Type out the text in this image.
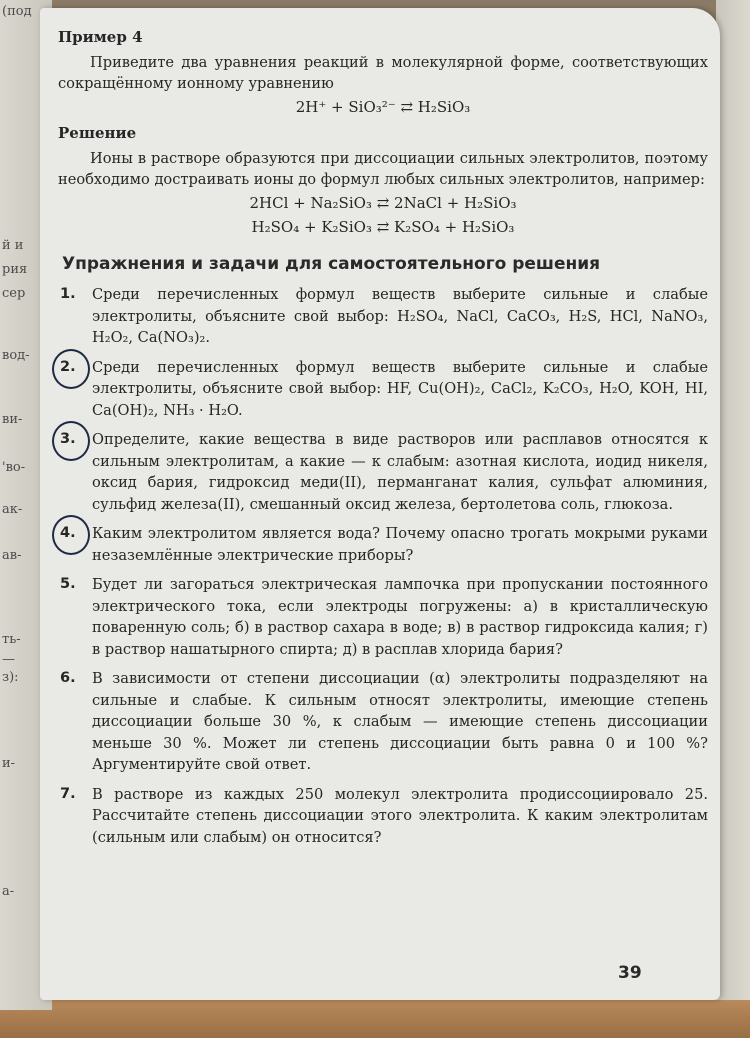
(под
й и
рия
сер
вод-
ви-
'во-
ак-
ав-
ть-
—
з):
и-
а-
Пример 4

Приведите два уравнения реакций в молекулярной форме, соответствующих сокращённому ионному уравнению

2H⁺ + SiO₃²⁻ ⇄ H₂SiO₃
Решение

Ионы в растворе образуются при диссоциации сильных электролитов, поэтому необходимо достраивать ионы до формул любых сильных электролитов, например:

2HCl + Na₂SiO₃ ⇄ 2NaCl + H₂SiO₃
H₂SO₄ + K₂SiO₃ ⇄ K₂SO₄ + H₂SiO₃
Упражнения и задачи для самостоятельного решения
1. Среди перечисленных формул веществ выберите сильные и слабые электролиты, объясните свой выбор: H₂SO₄, NaCl, CaCO₃, H₂S, HCl, NaNO₃, H₂O₂, Ca(NO₃)₂.
2. Среди перечисленных формул веществ выберите сильные и слабые электролиты, объясните свой выбор: HF, Cu(OH)₂, CaCl₂, K₂CO₃, H₂O, KOH, HI, Ca(OH)₂, NH₃ · H₂O.
3. Определите, какие вещества в виде растворов или расплавов относятся к сильным электролитам, а какие — к слабым: азотная кислота, иодид никеля, оксид бария, гидроксид меди(II), перманганат калия, сульфат алюминия, сульфид железа(II), смешанный оксид железа, бертолетова соль, глюкоза.
4. Каким электролитом является вода? Почему опасно трогать мокрыми руками незаземлённые электрические приборы?
5. Будет ли загораться электрическая лампочка при пропускании постоянного электрического тока, если электроды погружены: а) в кристаллическую поваренную соль; б) в раствор сахара в воде; в) в раствор гидроксида калия; г) в раствор нашатырного спирта; д) в расплав хлорида бария?
6. В зависимости от степени диссоциации (α) электролиты подразделяют на сильные и слабые. К сильным относят электролиты, имеющие степень диссоциации больше 30 %, к слабым — имеющие степень диссоциации меньше 30 %. Может ли степень диссоциации быть равна 0 и 100 %? Аргументируйте свой ответ.
7. В растворе из каждых 250 молекул электролита продиссоциировало 25. Рассчитайте степень диссоциации этого электролита. К каким электролитам (сильным или слабым) он относится?
39
